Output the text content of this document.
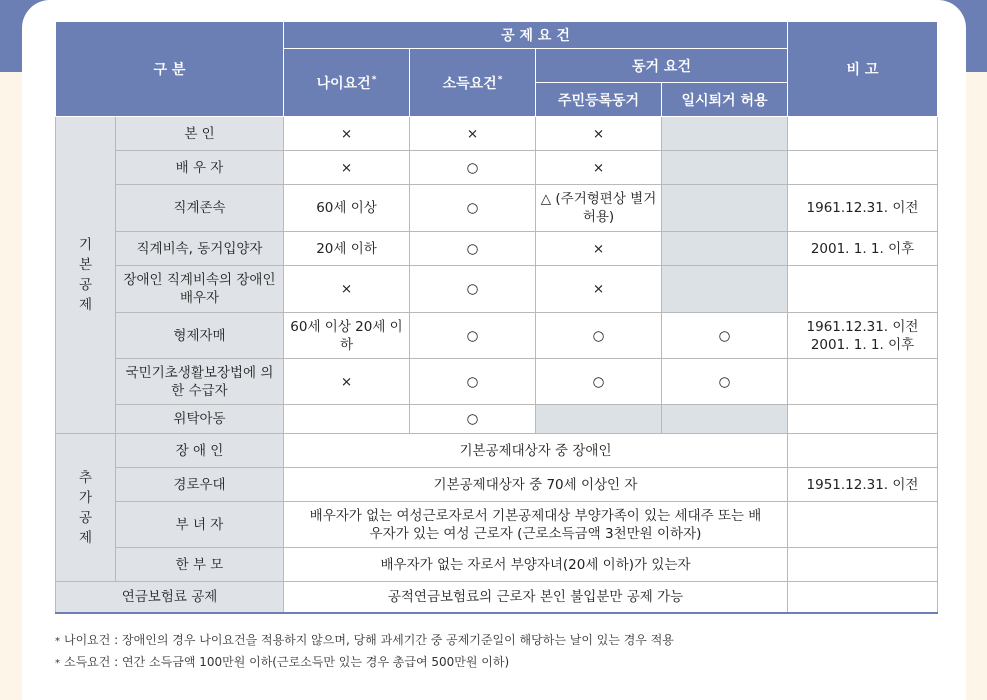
구 분		공 제 요 건				비 고
		나이요건*	소득요건*	동거 요건		
				주민등록동거	일시퇴거 허용	
기본공제	본 인	×	×	×		
	배 우 자	×	○	×		
	직계존속	60세 이상	○	△ (주거형편상 별거 허용)		1961.12.31. 이전
	직계비속, 동거입양자	20세 이하	○	×		2001. 1. 1. 이후
	장애인 직계비속의 장애인 배우자	×	○	×		
	형제자매	60세 이상 20세 이하	○	○	○	1961.12.31. 이전 2001. 1. 1. 이후
	국민기초생활보장법에 의한 수급자	×	○	○	○	
	위탁아동		○			
추가공제	장 애 인	기본공제대상자 중 장애인				
	경로우대	기본공제대상자 중 70세 이상인 자				1951.12.31. 이전
	부 녀 자	배우자가 없는 여성근로자로서 기본공제대상 부양가족이 있는 세대주 또는 배우자가 있는 여성 근로자 (근로소득금액 3천만원 이하자)				
	한 부 모	배우자가 없는 자로서 부양자녀(20세 이하)가 있는자				
연금보험료 공제		공적연금보험료의 근로자 본인 불입분만 공제 가능				
* 나이요건 : 장애인의 경우 나이요건을 적용하지 않으며, 당해 과세기간 중 공제기준일이 해당하는 날이 있는 경우 적용
* 소득요건 : 연간 소득금액 100만원 이하(근로소득만 있는 경우 총급여 500만원 이하)
